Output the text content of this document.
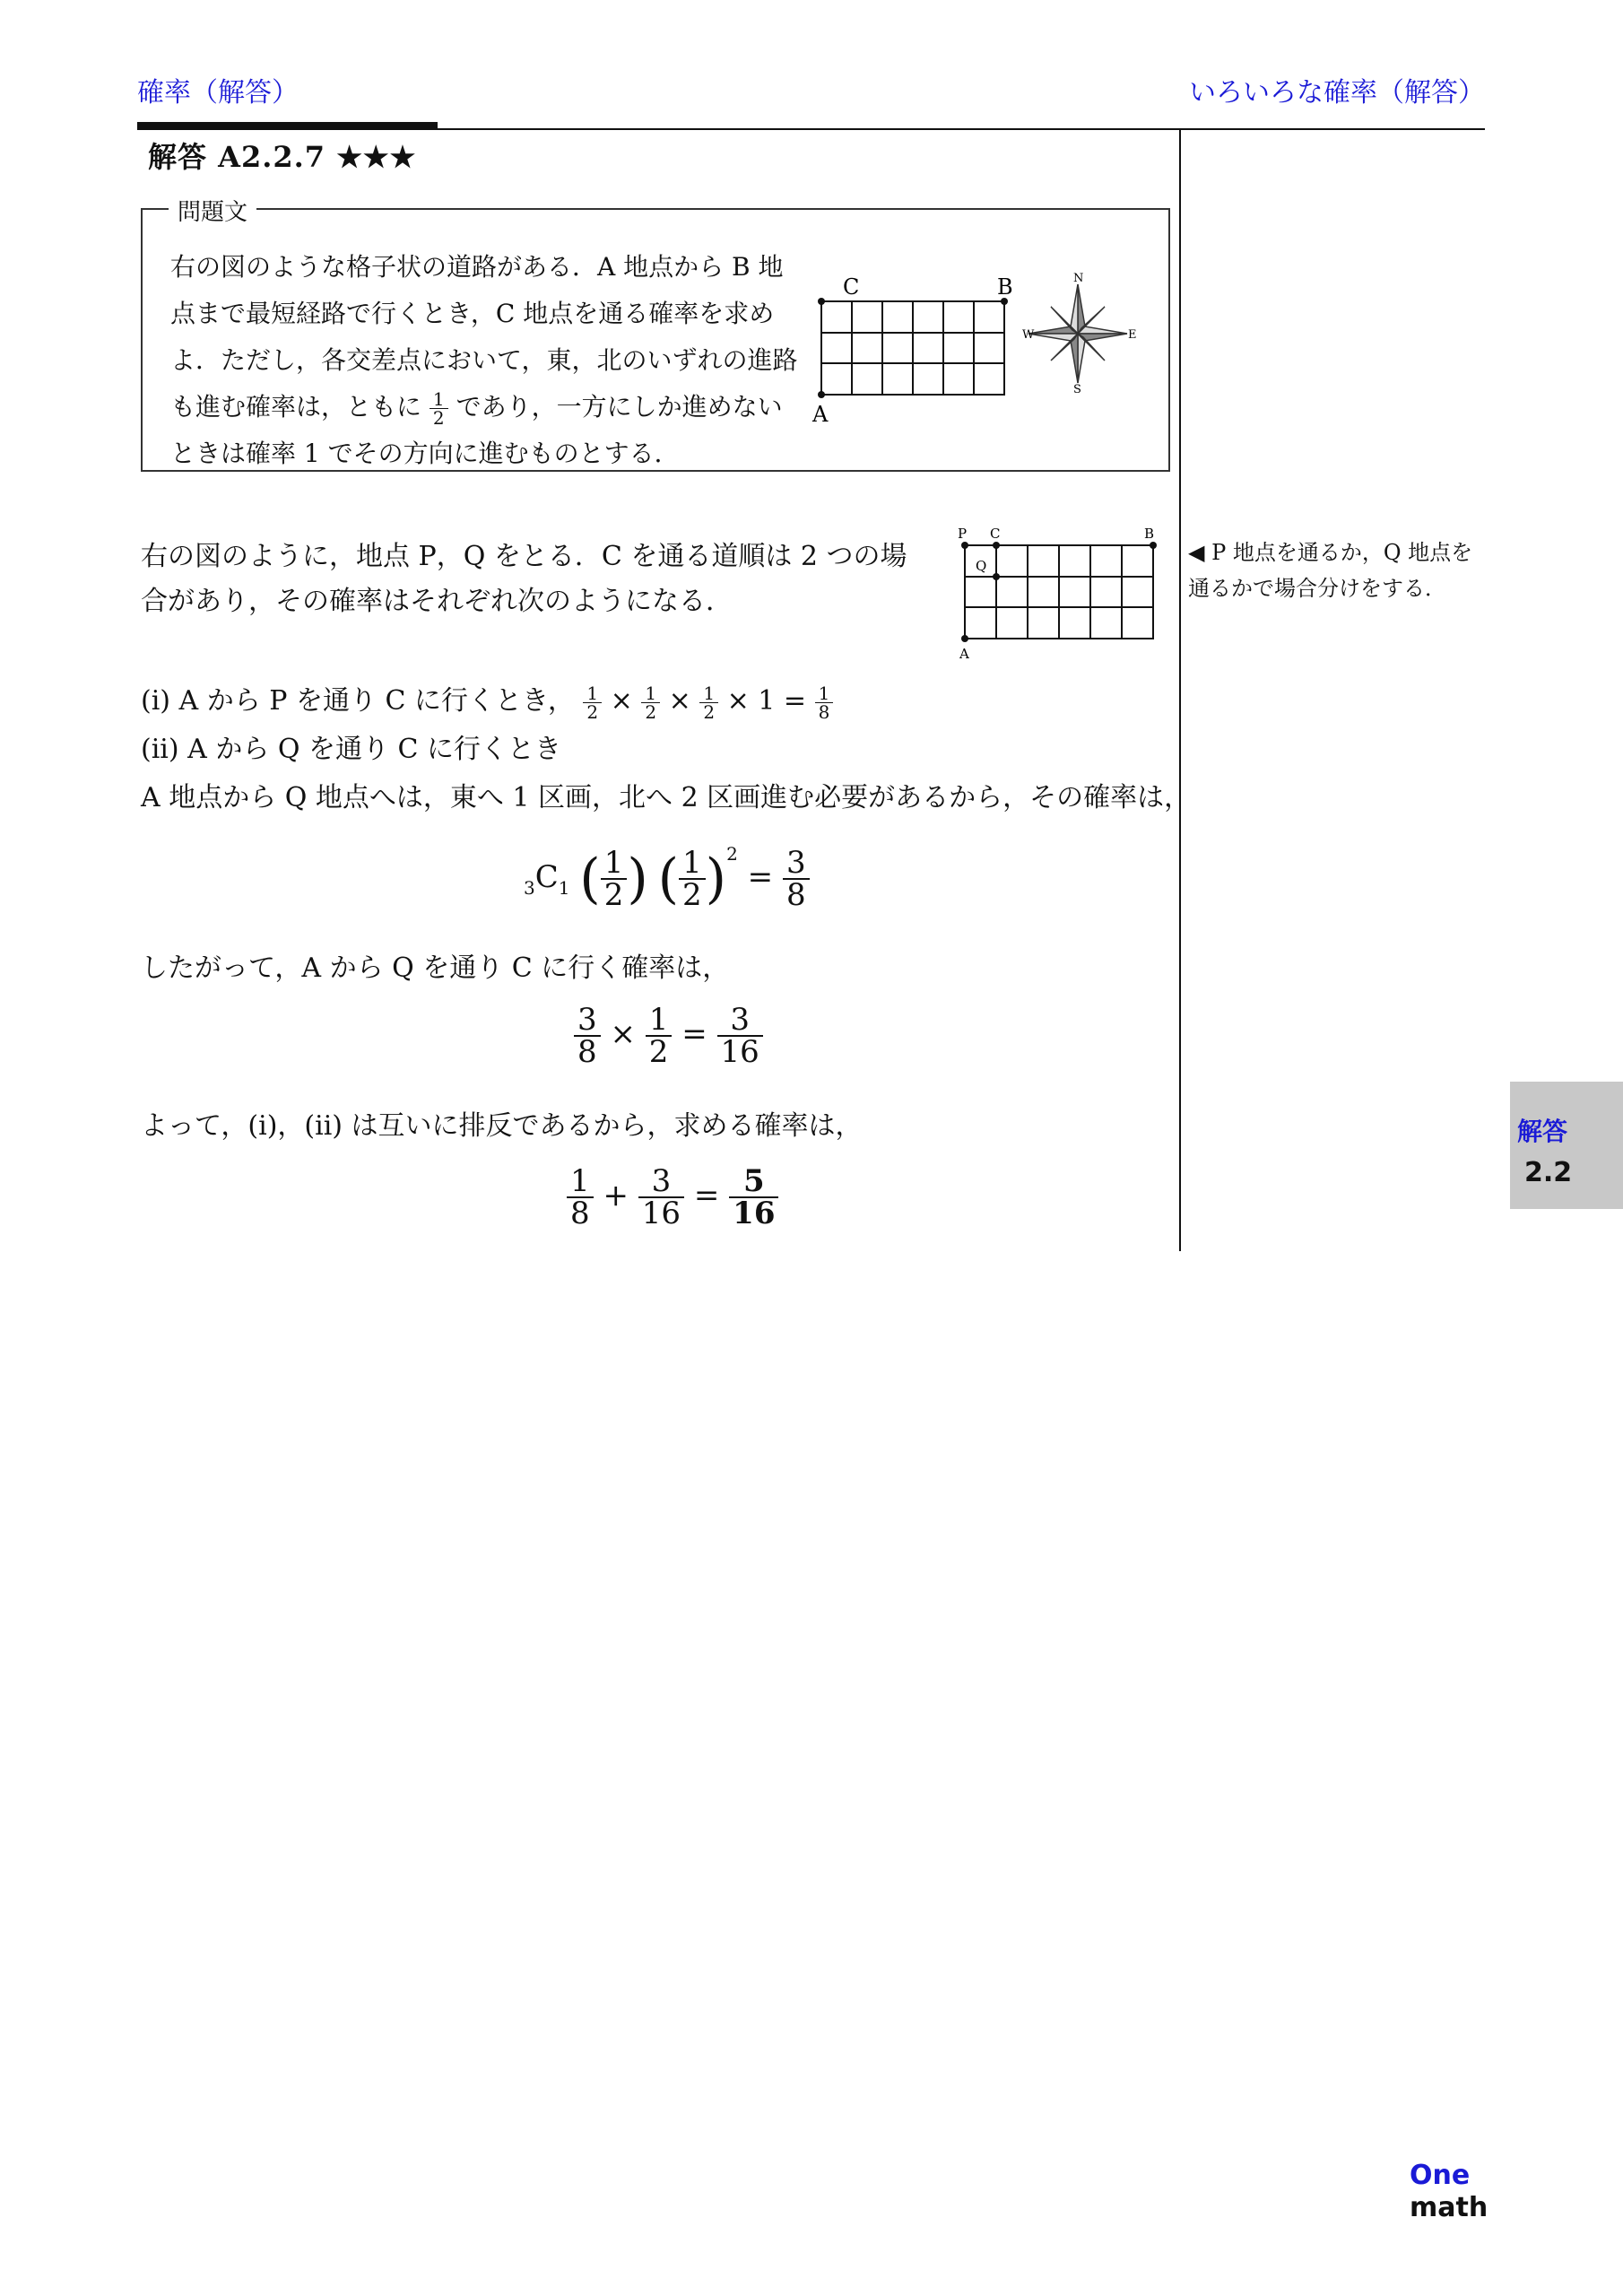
確率（解答）	いろいろな確率（解答）
解答 A2.2.7 ★★★
問題文
右の図のような格子状の道路がある．A 地点から B 地
点まで最短経路で行くとき，C 地点を通る確率を求め
よ．ただし，各交差点において，東，北のいずれの進路
も進む確率は，ともに $\frac{1}{2}$ であり，一方にしか進めない
ときは確率 1 でその方向に進むものとする．
C	B
A
N
S
E
W
右の図のように，地点 P，Q をとる．C を通る道順は 2 つの場
合があり，その確率はそれぞれ次のようになる．
P C	B
Q
A
◀ P 地点を通るか，Q 地点を
通るかで場合分けをする．
(i) A から P を通り C に行くとき， $\frac{1}{2} \times \frac{1}{2} \times \frac{1}{2} \times 1 = \frac{1}{8}$
(ii) A から Q を通り C に行くとき
A 地点から Q 地点へは，東へ 1 区画，北へ 2 区画進む必要があるから，その確率は，
$_3C_1$ ( $\frac{1}{2}$ ) ( $\frac{1}{2} )^2 = \frac{3}{8}$
したがって，A から Q を通り C に行く確率は，
$\frac{3}{8} \times \frac{1}{2} = \frac{3}{16}$
よって，(i)，(ii) は互いに排反であるから，求める確率は，
$\frac{1}{8} + \frac{3}{16} = \frac{5}{16}$
解答
2.2
One
math
